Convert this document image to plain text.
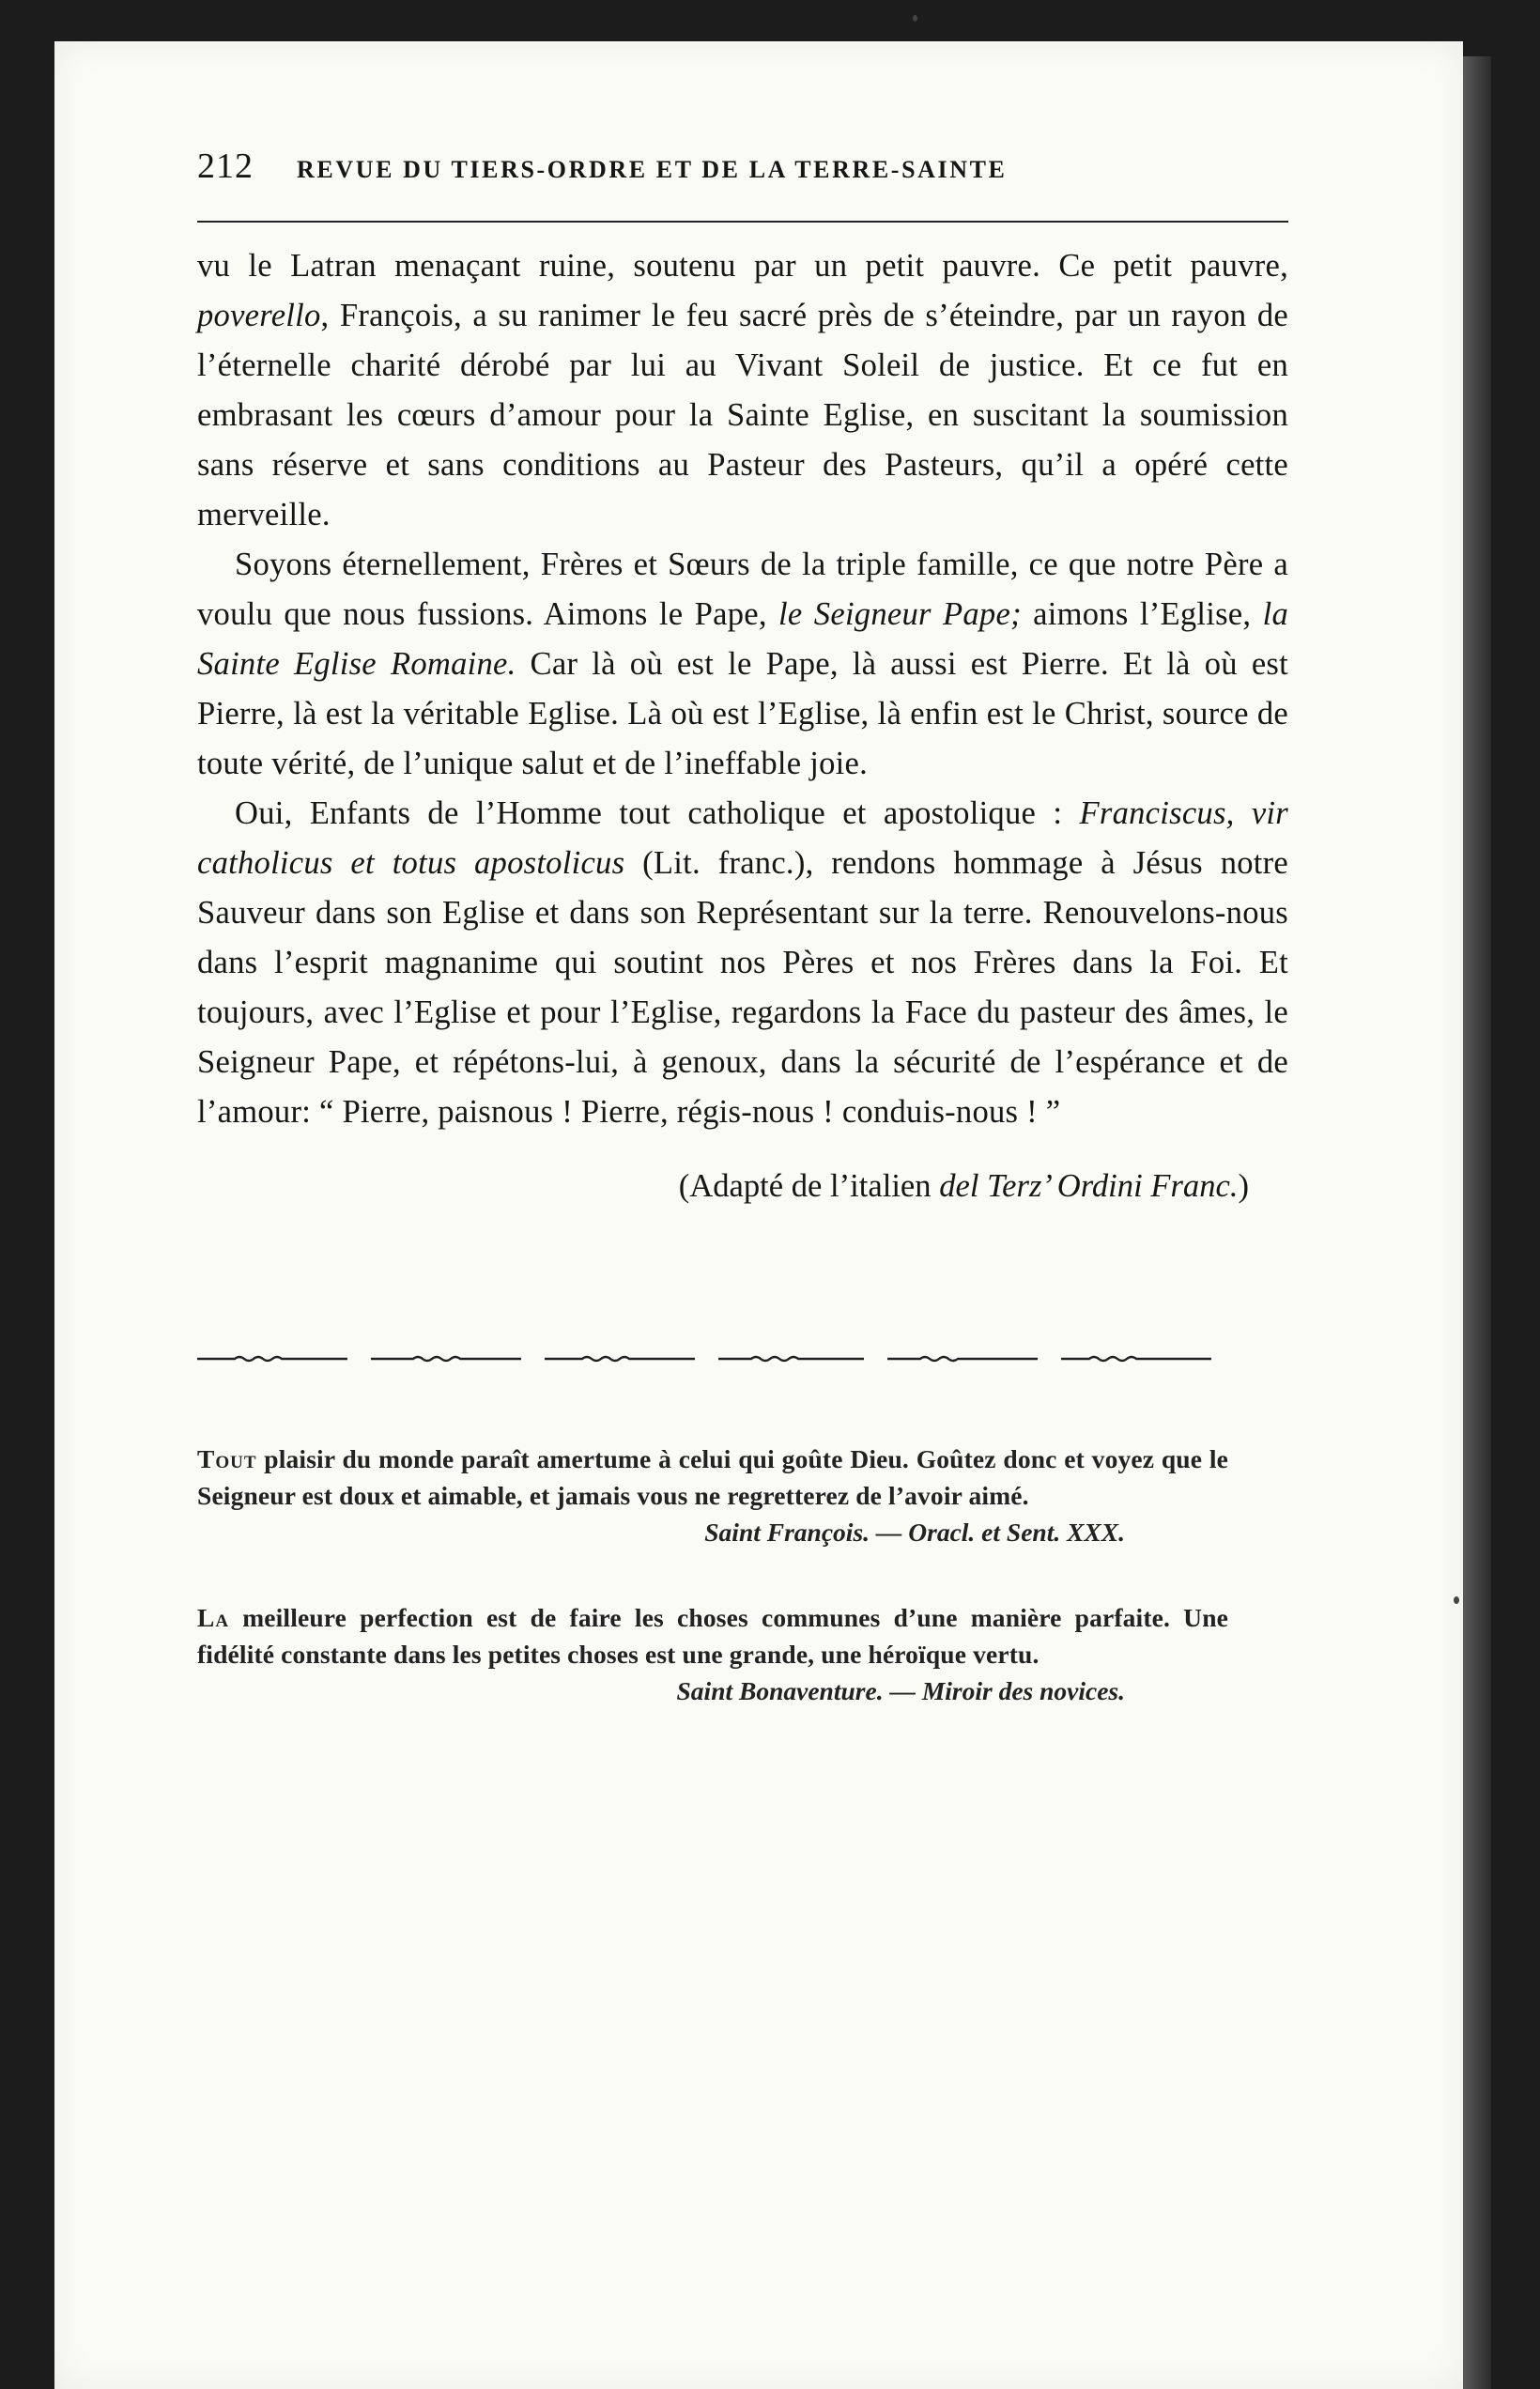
212 REVUE DU TIERS-ORDRE ET DE LA TERRE-SAINTE

vu le Latran menaçant ruine, soutenu par un petit pauvre. Ce petit pauvre, poverello, François, a su ranimer le feu sacré près de s’éteindre, par un rayon de l’éternelle charité dérobé par lui au Vivant Soleil de justice. Et ce fut en embrasant les cœurs d’amour pour la Sainte Eglise, en suscitant la soumission sans réserve et sans conditions au Pasteur des Pasteurs, qu’il a opéré cette merveille.

Soyons éternellement, Frères et Sœurs de la triple famille, ce que notre Père a voulu que nous fussions. Aimons le Pape, le Seigneur Pape; aimons l’Eglise, la Sainte Eglise Romaine. Car là où est le Pape, là aussi est Pierre. Et là où est Pierre, là est la véritable Eglise. Là où est l’Eglise, là enfin est le Christ, source de toute vérité, de l’unique salut et de l’ineffable joie.

Oui, Enfants de l’Homme tout catholique et apostolique : Franciscus, vir catholicus et totus apostolicus (Lit. franc.), rendons hommage à Jésus notre Sauveur dans son Eglise et dans son Représentant sur la terre. Renouvelons-nous dans l’esprit magnanime qui soutint nos Pères et nos Frères dans la Foi. Et toujours, avec l’Eglise et pour l’Eglise, regardons la Face du pasteur des âmes, le Seigneur Pape, et répétons-lui, à genoux, dans la sécurité de l’espérance et de l’amour: “ Pierre, paisnous ! Pierre, régis-nous ! conduis-nous ! ”

(Adapté de l’italien del Terz’ Ordini Franc.)

Tout plaisir du monde paraît amertume à celui qui goûte Dieu. Goûtez donc et voyez que le Seigneur est doux et aimable, et jamais vous ne regretterez de l’avoir aimé.

Saint François. — Oracl. et Sent. XXX.

La meilleure perfection est de faire les choses communes d’une manière parfaite. Une fidélité constante dans les petites choses est une grande, une héroïque vertu.

Saint Bonaventure. — Miroir des novices.
